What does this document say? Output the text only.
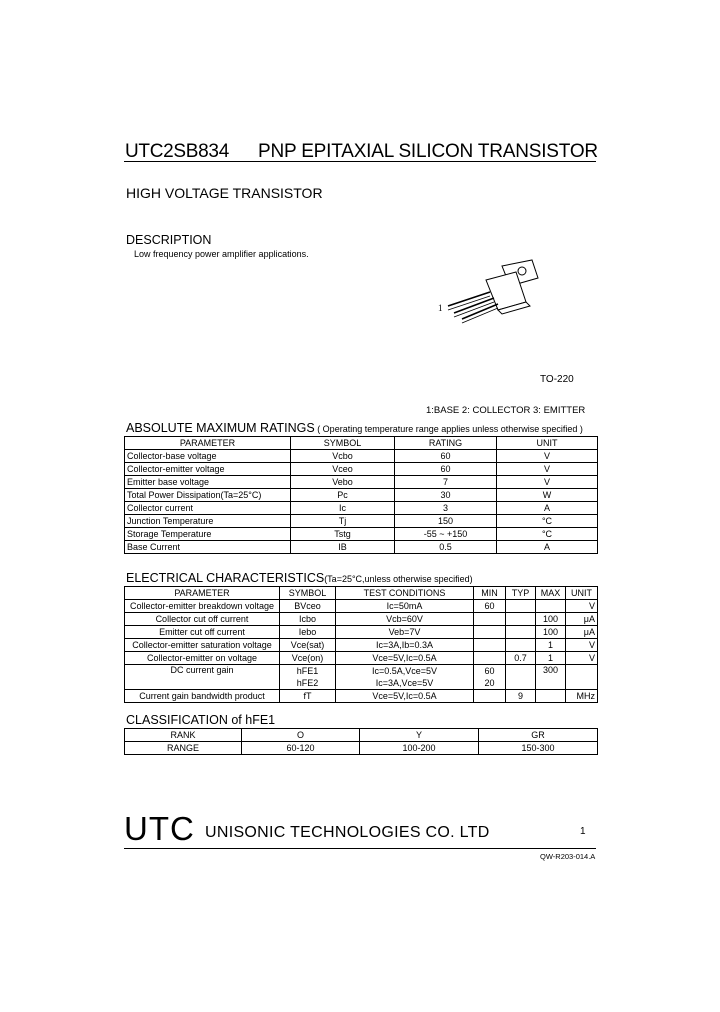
UTC2SB834 PNP EPITAXIAL SILICON TRANSISTOR
HIGH VOLTAGE TRANSISTOR
DESCRIPTION
Low frequency power amplifier applications.
1
TO-220
1:BASE 2: COLLECTOR 3: EMITTER
ABSOLUTE MAXIMUM RATINGS ( Operating temperature range applies unless otherwise specified )
PARAMETER	SYMBOL	RATING	UNIT
Collector-base voltage	Vcbo	60	V
Collector-emitter voltage	Vceo	60	V
Emitter base voltage	Vebo	7	V
Total Power Dissipation(Ta=25°C)	Pc	30	W
Collector current	Ic	3	A
Junction Temperature	Tj	150	°C
Storage Temperature	Tstg	-55 ~ +150	°C
Base Current	IB	0.5	A
ELECTRICAL CHARACTERISTICS(Ta=25°C,unless otherwise specified)
PARAMETER	SYMBOL	TEST CONDITIONS	MIN	TYP	MAX	UNIT
Collector-emitter breakdown voltage	BVceo	Ic=50mA	60			V
Collector cut off current	Icbo	Vcb=60V			100	μA
Emitter cut off current	Iebo	Veb=7V			100	μA
Collector-emitter saturation voltage	Vce(sat)	Ic=3A,Ib=0.3A			1	V
Collector-emitter on voltage	Vce(on)	Vce=5V,Ic=0.5A		0.7	1	V
DC current gain	hFE1	Ic=0.5A,Vce=5V	60		300	
	hFE2	Ic=3A,Vce=5V	20			
Current gain bandwidth product	fT	Vce=5V,Ic=0.5A		9		MHz
CLASSIFICATION of hFE1
RANK	O	Y	GR
RANGE	60-120	100-200	150-300
UTC UNISONIC TECHNOLOGIES CO. LTD	1
QW-R203-014.A
